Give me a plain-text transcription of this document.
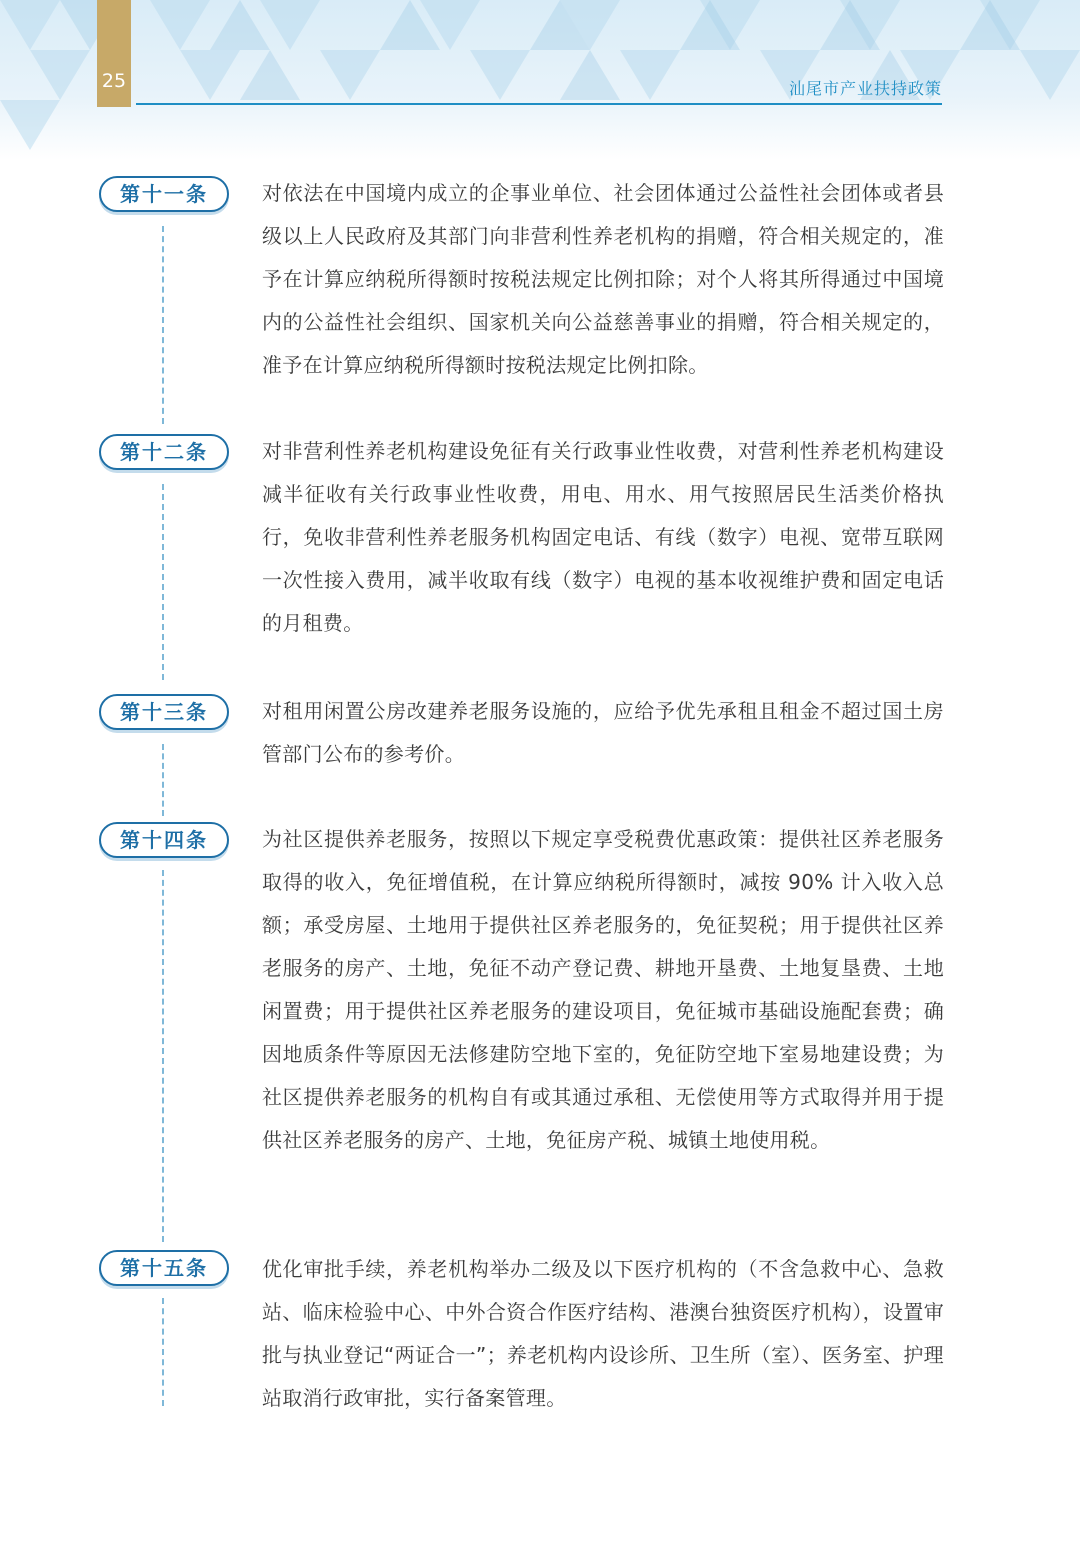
25	汕尾市产业扶持政策
第十一条	对依法在中国境内成立的企事业单位、社会团体通过公益性社会团体或者县级以上人民政府及其部门向非营利性养老机构的捐赠，符合相关规定的，准予在计算应纳税所得额时按税法规定比例扣除；对个人将其所得通过中国境内的公益性社会组织、国家机关向公益慈善事业的捐赠，符合相关规定的，准予在计算应纳税所得额时按税法规定比例扣除。
第十二条	对非营利性养老机构建设免征有关行政事业性收费，对营利性养老机构建设减半征收有关行政事业性收费，用电、用水、用气按照居民生活类价格执行，免收非营利性养老服务机构固定电话、有线（数字）电视、宽带互联网一次性接入费用，减半收取有线（数字）电视的基本收视维护费和固定电话的月租费。
第十三条	对租用闲置公房改建养老服务设施的，应给予优先承租且租金不超过国土房管部门公布的参考价。
第十四条	为社区提供养老服务，按照以下规定享受税费优惠政策：提供社区养老服务取得的收入，免征增值税，在计算应纳税所得额时，减按 90% 计入收入总额；承受房屋、土地用于提供社区养老服务的，免征契税；用于提供社区养老服务的房产、土地，免征不动产登记费、耕地开垦费、土地复垦费、土地闲置费；用于提供社区养老服务的建设项目，免征城市基础设施配套费；确因地质条件等原因无法修建防空地下室的，免征防空地下室易地建设费；为社区提供养老服务的机构自有或其通过承租、无偿使用等方式取得并用于提供社区养老服务的房产、土地，免征房产税、城镇土地使用税。
第十五条	优化审批手续，养老机构举办二级及以下医疗机构的（不含急救中心、急救站、临床检验中心、中外合资合作医疗结构、港澳台独资医疗机构），设置审批与执业登记“两证合一”；养老机构内设诊所、卫生所（室）、医务室、护理站取消行政审批，实行备案管理。
